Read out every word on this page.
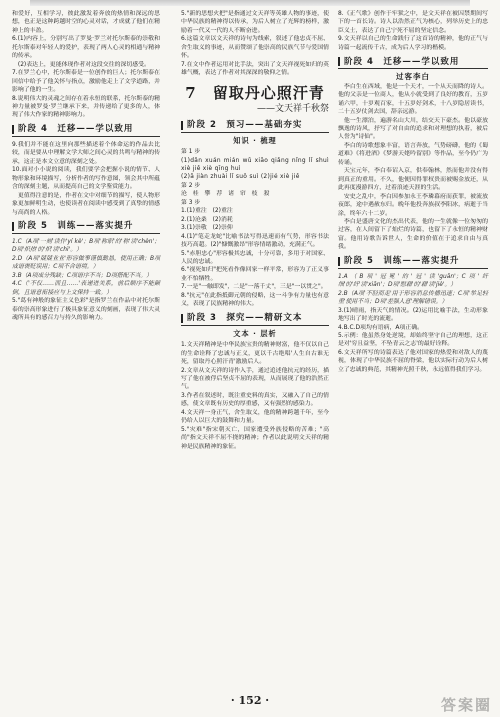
和爱好，互相学习，彼此激发着奔放的热情和深远的思想，也正是这种跨越时空的心灵对话，才成就了他们在精神上的丰盈。

6.(1)内容上，分别写出了罗曼·罗兰对托尔斯泰的崇敬和托尔斯泰对年轻人的爱护，表现了两人心灵的相通与精神的传承。

(2)表达上，更能体现作者对这段交往的深切感受。

7.在罗兰心中，托尔斯泰是一位创作的巨人；托尔斯泰在回信中给予了他关怀与指点，激励他走上了文学道路，并影响了他的一生。

8.说明伟大的灵魂之间存在着永恒的联系，托尔斯泰的精神力量被罗曼·罗兰继承下来，并传递给了更多的人，体现了伟大作家的精神影响力。

阶段 4　迁移——学以致用

9.我们并不能在这里向那些描述着个体命运的作品去比较，而是要从中理解文学大师之间心灵的共鸣与精神的传承，这正是本文立意的深刻之处。

10.面对小小说的阅读，我们要学会把握小说的情节、人物形象和环境描写，分析作者的写作意图，领会其中所蕴含的深刻主题，从而提高自己的文学鉴赏能力。

更值得注意的是，作者在文中对细节的描写，使人物形象更加鲜明生动，也使读者在阅读中感受到了真挚的情感与高尚的人格。

阶段 5　训练——落实提升

1.C（A项'一刻'读作'yí kè'；B项'称职'的'称'读'chèn'；D项'炽热'的'炽'读'chì'。）

2.D（A项'兢兢业业'形容做事谨慎勤恳，使用正确；B项成语褒贬误用；C项不合语境。）

3.B（A项成分残缺；C项语序不当；D项搭配不当。）

4.C（'不仅……而且……'表递进关系，前后顺序不能颠倒，且语意衔接应与上文保持一致。）

5."葛有神般的象征主义色彩"是指罗兰在作品中对托尔斯泰的崇高形象进行了极具象征意义的刻画，表现了伟大灵魂所具有的感召力与持久的影响力。

5."新的思想火把"是指通过文天祥等英雄人物的事迹，使中华民族的精神得以传承，为后人树立了光辉的榜样，激励着一代又一代的人不断奋进。

6.这篇文章以文天祥的诗句为线索，叙述了他忠贞不屈、舍生取义的事迹，从而赞颂了他崇高的民族气节与爱国情怀。

7.在文中作者运用对比手法，突出了文天祥视死如归的英雄气概，表达了作者对其深深的敬仰之情。

7　留取丹心照汗青
——文天祥千秋祭
阶段 2　预习——基础夯实
知识 · 梳理

第 1 步

(1)dǎn xuán mián wǔ xiāo qiǎng nǐng lǐ shuì xiè jiě xiè qīng huì

(2)ā jiàn zhuài lǐ suǒ suì (2)jié xiè jiě

第 2 步

沧　桂　攀　荐　诸　帘　枝　殺

第 3 步

1.(1)重注　(2)重注

2.(1)沧桑　(2)消耗

3.(1)崇敬　(2)崇仰

4.(1)"笔走龙蛇"比喻书法写得迅速而有气势，形容书法技巧高超。(2)"慷慨激昂"形容情绪激动，充满正气。

5."赤胆忠心"形容极其忠诚，十分可靠，多用于对国家、人民的忠诚。

6."视死如归"把死看作像回家一样平常，形容为了正义事业不怕牺牲。

7.一是"一触即发"，二是"一落千丈"，三是"一以贯之"。

8."抗元"在此指抵御元朝的侵略，这一斗争有力量也有意义，表现了民族精神的伟大。

阶段 3　探究——精研文本
文本 · 层析

1.文天祥精神是中华民族宝贵的精神财富，他不仅以自己的生命诠释了忠诚与正义，更以千古绝唱'人生自古谁无死，留取丹心照汗青'激励后人。

2.文章从文天祥的诗作入手，通过追述他抗元的经历，描写了他在被俘后坚贞不屈的表现，从而展现了他的浩然正气。

3.作者在叙述时，既注重史料的真实，又融入了自己的情感，使文章既有历史的厚重感，又有强烈的感染力。

4.文天祥一身正气，舍生取义，他的精神跨越千年，至今仍给人以巨大的鼓舞和力量。

5."灾难"指宋朝灭亡，国家遭受外族侵略的苦难；"高尚"指文天祥不屈不挠的精神；作者以此说明文天祥的精神是民族精神的象征。

8.《正气歌》创作于牢狱之中，是文天祥在被囚禁期间写下的一首长诗。诗人以浩然正气为核心，列举历史上的忠臣义士，表达了自己宁死不屈的坚定信念。

9.文天祥以自己的生命践行了这首诗的精神，他的正气与诗篇一起流传千古，成为后人学习的楷模。

阶段 4　迁移——学以致用
过客李白

李白生在西域，他是一个天才，一个从天而降的诗人。他的父亲是一位商人，他从小就受到了良好的教育，五岁诵六甲，十岁观百家，十五岁好剑术，十八岁隐居读书，二十五岁仗剑去国，辞亲远游。

他一生漂泊，遍游名山大川，结交天下豪杰。他以豪放飘逸的诗风，抒写了对自由的追求和对理想的执着，被后人誉为"诗仙"。

李白的诗歌想象丰富，语言奔放，气势磅礴，他的《蜀道难》《将进酒》《梦游天姥吟留别》等作品，至今仍广为传诵。

天宝元年，李白奉诏入京，供奉翰林，然而他并没有得到真正的重用。不久，他便因得罪权贵而被赐金放还，从此再度漫游四方，过着浪迹天涯的生活。

安史之乱中，李白因参加永王李璘幕府而获罪，被流放夜郎，途中遇赦东归。晚年他投奔族叔李阳冰，病逝于当涂，终年六十二岁。

李白是盛唐文化的杰出代表，他的一生就像一位匆匆的过客，在人间留下了灿烂的诗篇，也留下了永恒的精神财富。他用诗歌告诉世人，生命的价值在于追求自由与真我。

阶段 5　训练——落实提升

1.A（B项'冠冕'的'冠'读'guān'；C项'纤细'的'纤'读'xiān'；D项'慰藉'的'藉'读'jiè'。）

2.B（A项'不胫而走'用于形容消息传播迅速；C项'举足轻重'使用不当；D项'差强人意'理解错误。）

3.(1)晴雨，指天气的情况。(2)运用比喻手法，生动形象地写出了时光的流逝。

4.B.C.D项均有语病，A项正确。

5.示例：他虽然身处逆境，却始终坚守自己的理想，这正是对'穷且益坚，不坠青云之志'的最好诠释。

6.文天祥所写的诗篇表达了他对国家的热爱和对敌人的蔑视，体现了中华民族不屈的脊梁，他以实际行动为后人树立了忠诚的典范，其精神光照千秋，永远值得我们学习。

· 152 ·	答案圈
